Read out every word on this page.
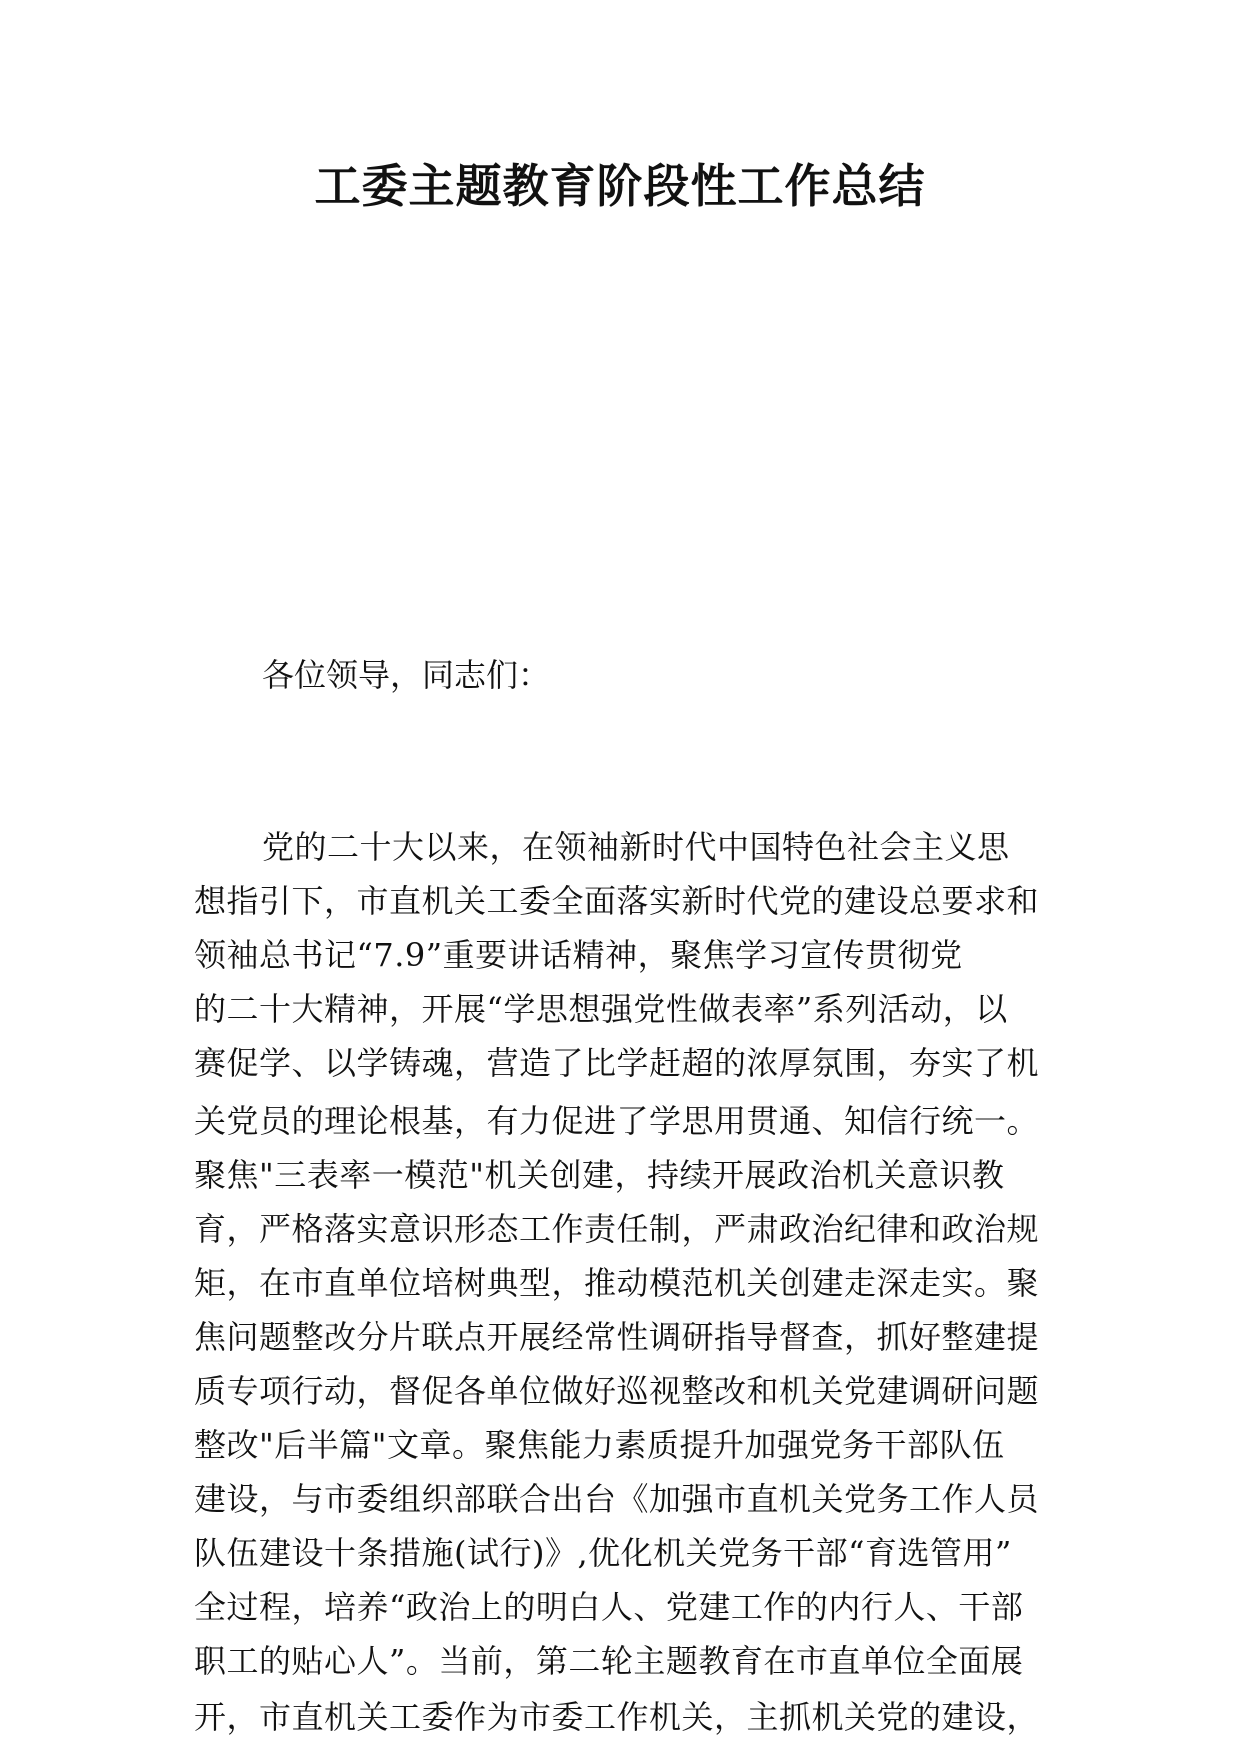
工委主题教育阶段性工作总结
各位领导，同志们：
党的二十大以来，在领袖新时代中国特色社会主义思
想指引下，市直机关工委全面落实新时代党的建设总要求和
领袖总书记“7.9”重要讲话精神，聚焦学习宣传贯彻党
的二十大精神，开展“学思想强党性做表率”系列活动，以
赛促学、以学铸魂，营造了比学赶超的浓厚氛围，夯实了机
关党员的理论根基，有力促进了学思用贯通、知信行统一。
聚焦"三表率一模范"机关创建，持续开展政治机关意识教
育，严格落实意识形态工作责任制，严肃政治纪律和政治规
矩，在市直单位培树典型，推动模范机关创建走深走实。聚
焦问题整改分片联点开展经常性调研指导督查，抓好整建提
质专项行动，督促各单位做好巡视整改和机关党建调研问题
整改"后半篇"文章。聚焦能力素质提升加强党务干部队伍
建设，与市委组织部联合出台《加强市直机关党务工作人员
队伍建设十条措施(试行)》,优化机关党务干部“育选管用”
全过程，培养“政治上的明白人、党建工作的内行人、干部
职工的贴心人”。当前，第二轮主题教育在市直单位全面展
开，市直机关工委作为市委工作机关，主抓机关党的建设，
